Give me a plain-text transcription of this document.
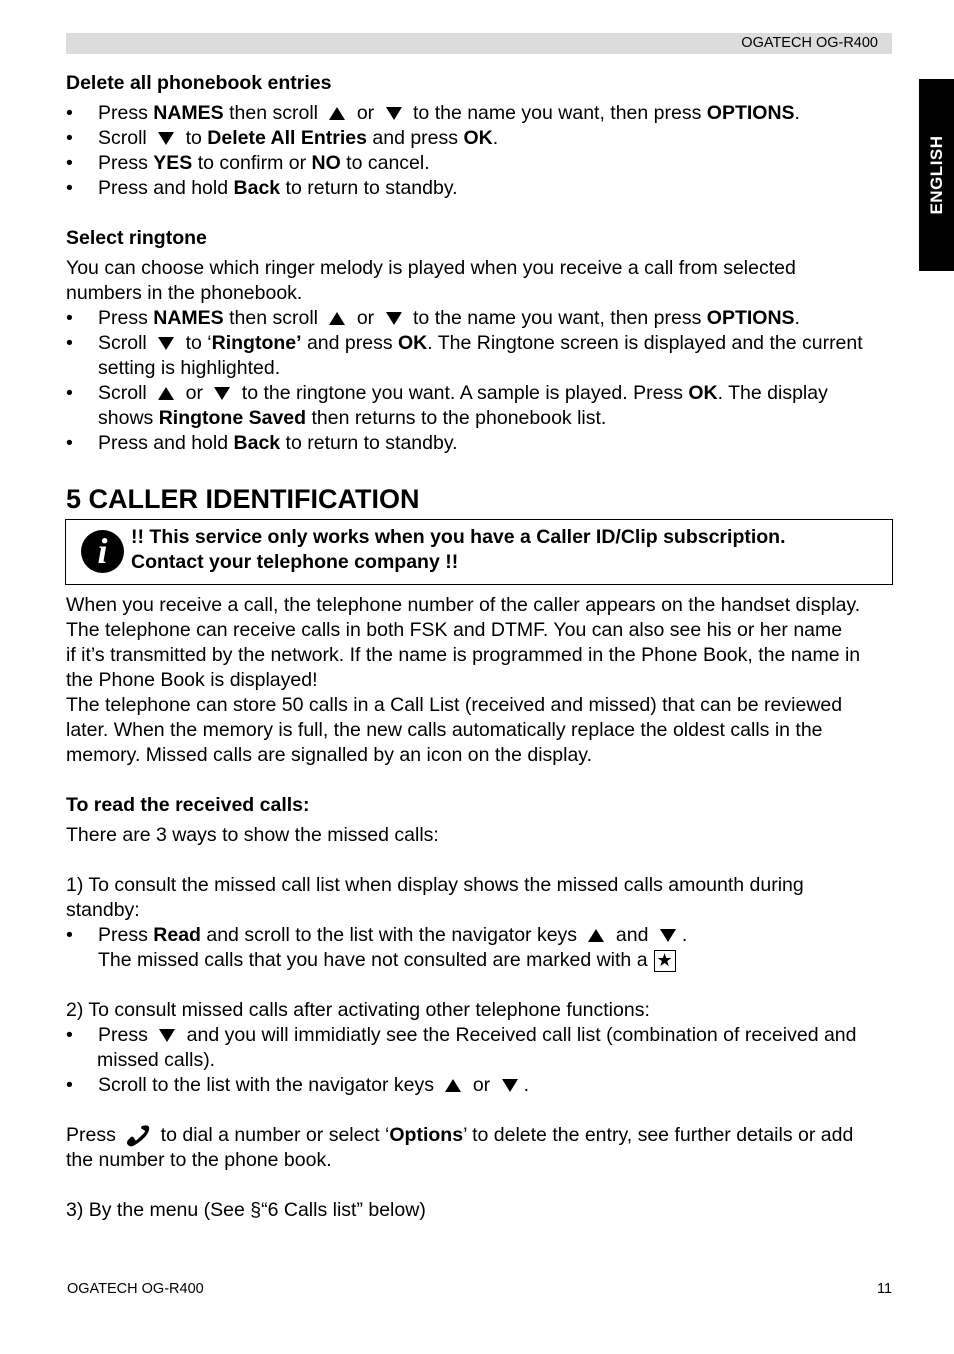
OGATECH OG-R400
ENGLISH
Delete all phonebook entries
• Press NAMES then scroll  or  to the name you want, then press OPTIONS.
• Scroll  to Delete All Entries and press OK.
• Press YES to confirm or NO to cancel.
• Press and hold Back to return to standby.
Select ringtone
You can choose which ringer melody is played when you receive a call from selected
numbers in the phonebook.
• Press NAMES then scroll  or  to the name you want, then press OPTIONS.
• Scroll  to ‘Ringtone’ and press OK. The Ringtone screen is displayed and the current
setting is highlighted.
• Scroll  or  to the ringtone you want. A sample is played. Press OK. The display
shows Ringtone Saved then returns to the phonebook list.
• Press and hold Back to return to standby.
5 CALLER IDENTIFICATION
i	!! This service only works when you have a Caller ID/Clip subscription.
Contact your telephone company !!
When you receive a call, the telephone number of the caller appears on the handset display.
The telephone can receive calls in both FSK and DTMF. You can also see his or her name
if it’s transmitted by the network. If the name is programmed in the Phone Book, the name in
the Phone Book is displayed!
The telephone can store 50 calls in a Call List (received and missed) that can be reviewed
later. When the memory is full, the new calls automatically replace the oldest calls in the
memory. Missed calls are signalled by an icon on the display.
To read the received calls:
There are 3 ways to show the missed calls:
1) To consult the missed call list when display shows the missed calls amounth during
standby:
• Press Read and scroll to the list with the navigator keys  and .
The missed calls that you have not consulted are marked with a ★
2) To consult missed calls after activating other telephone functions:
• Press  and you will immidiatly see the Received call list (combination of received and
missed calls).
• Scroll to the list with the navigator keys  or .
Press  to dial a number or select ‘Options’ to delete the entry, see further details or add
the number to the phone book.
3) By the menu (See §“6 Calls list” below)
OGATECH OG-R400	11
